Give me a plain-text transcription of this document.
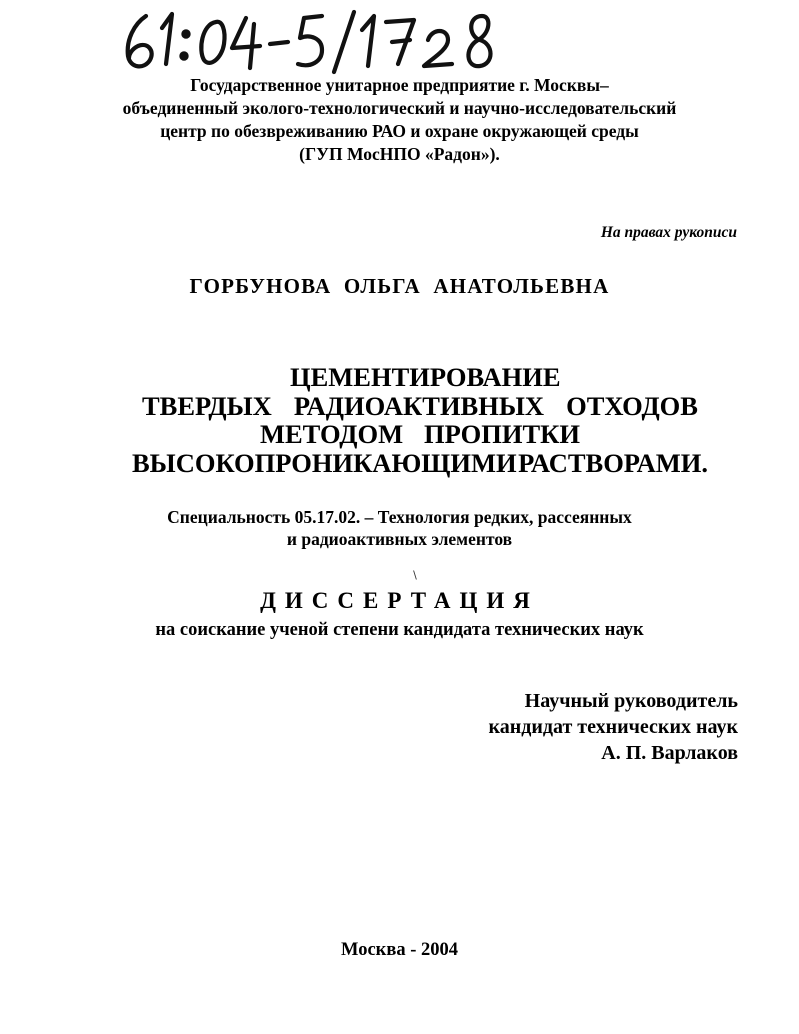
Государственное унитарное предприятие г. Москвы–
объединенный эколого-технологический и научно-исследовательский
центр по обезвреживанию РАО и охране окружающей среды
(ГУП МосНПО «Радон»).
На правах рукописи
ГОРБУНОВА ОЛЬГА АНАТОЛЬЕВНА
ЦЕМЕНТИРОВАНИЕ
ТВЕРДЫХ РАДИОАКТИВНЫХ ОТХОДОВ
МЕТОДОМ ПРОПИТКИ
ВЫСОКОПРОНИКАЮЩИМИ РАСТВОРАМИ.
Специальность 05.17.02. – Технология редких, рассеянных
и радиоактивных элементов
∖
ДИССЕРТАЦИЯ
на соискание ученой степени кандидата технических наук
Научный руководитель
кандидат технических наук
А. П. Варлаков
Москва - 2004
